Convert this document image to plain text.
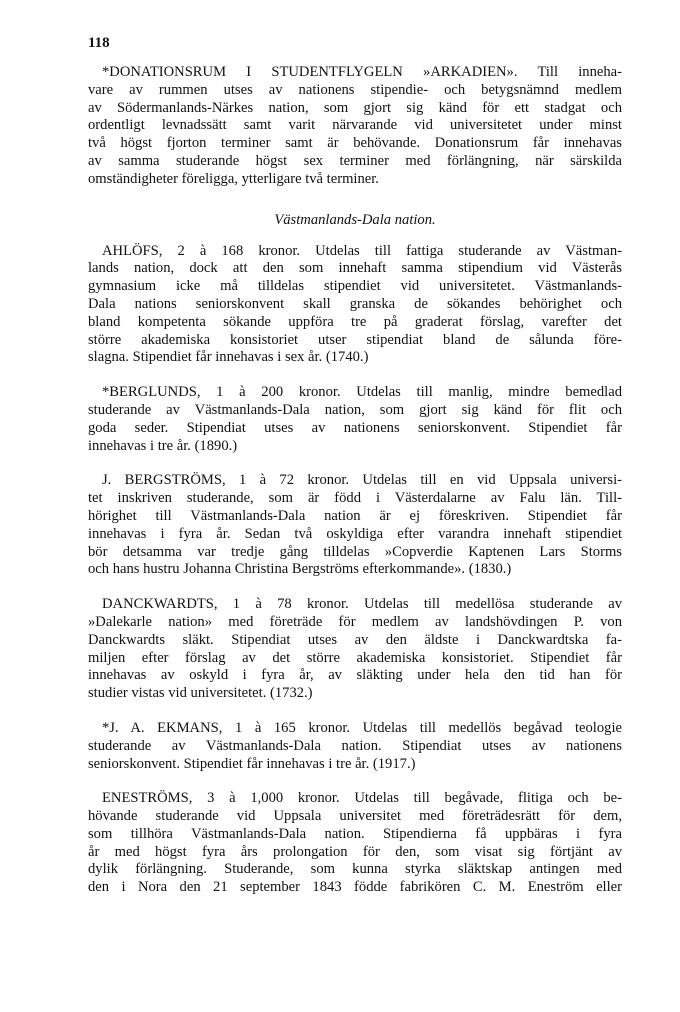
118
*DONATIONSRUM I STUDENTFLYGELN »ARKADIEN». Till inneha-
vare av rummen utses av nationens stipendie- och betygsnämnd medlem
av Södermanlands-Närkes nation, som gjort sig känd för ett stadgat och
ordentligt levnadssätt samt varit närvarande vid universitetet under minst
två högst fjorton terminer samt är behövande. Donationsrum får innehavas
av samma studerande högst sex terminer med förlängning, när särskilda
omständigheter föreligga, ytterligare två terminer.
Västmanlands-Dala nation.
AHLÖFS, 2 à 168 kronor. Utdelas till fattiga studerande av Västman-
lands nation, dock att den som innehaft samma stipendium vid Västerås
gymnasium icke må tilldelas stipendiet vid universitetet. Västmanlands-
Dala nations seniorskonvent skall granska de sökandes behörighet och
bland kompetenta sökande uppföra tre på graderat förslag, varefter det
större akademiska konsistoriet utser stipendiat bland de sålunda före-
slagna. Stipendiet får innehavas i sex år. (1740.)
*BERGLUNDS, 1 à 200 kronor. Utdelas till manlig, mindre bemedlad
studerande av Västmanlands-Dala nation, som gjort sig känd för flit och
goda seder. Stipendiat utses av nationens seniorskonvent. Stipendiet får
innehavas i tre år. (1890.)
J. BERGSTRÖMS, 1 à 72 kronor. Utdelas till en vid Uppsala universi-
tet inskriven studerande, som är född i Västerdalarne av Falu län. Till-
hörighet till Västmanlands-Dala nation är ej föreskriven. Stipendiet får
innehavas i fyra år. Sedan två oskyldiga efter varandra innehaft stipendiet
bör detsamma var tredje gång tilldelas »Copverdie Kaptenen Lars Storms
och hans hustru Johanna Christina Bergströms efterkommande». (1830.)
DANCKWARDTS, 1 à 78 kronor. Utdelas till medellösa studerande av
»Dalekarle nation» med företräde för medlem av landshövdingen P. von
Danckwardts släkt. Stipendiat utses av den äldste i Danckwardtska fa-
miljen efter förslag av det större akademiska konsistoriet. Stipendiet får
innehavas av oskyld i fyra år, av släkting under hela den tid han för
studier vistas vid universitetet. (1732.)
*J. A. EKMANS, 1 à 165 kronor. Utdelas till medellös begåvad teologie
studerande av Västmanlands-Dala nation. Stipendiat utses av nationens
seniorskonvent. Stipendiet får innehavas i tre år. (1917.)
ENESTRÖMS, 3 à 1,000 kronor. Utdelas till begåvade, flitiga och be-
hövande studerande vid Uppsala universitet med företrädesrätt för dem,
som tillhöra Västmanlands-Dala nation. Stipendierna få uppbäras i fyra
år med högst fyra års prolongation för den, som visat sig förtjänt av
dylik förlängning. Studerande, som kunna styrka släktskap antingen med
den i Nora den 21 september 1843 födde fabrikören C. M. Eneström eller
